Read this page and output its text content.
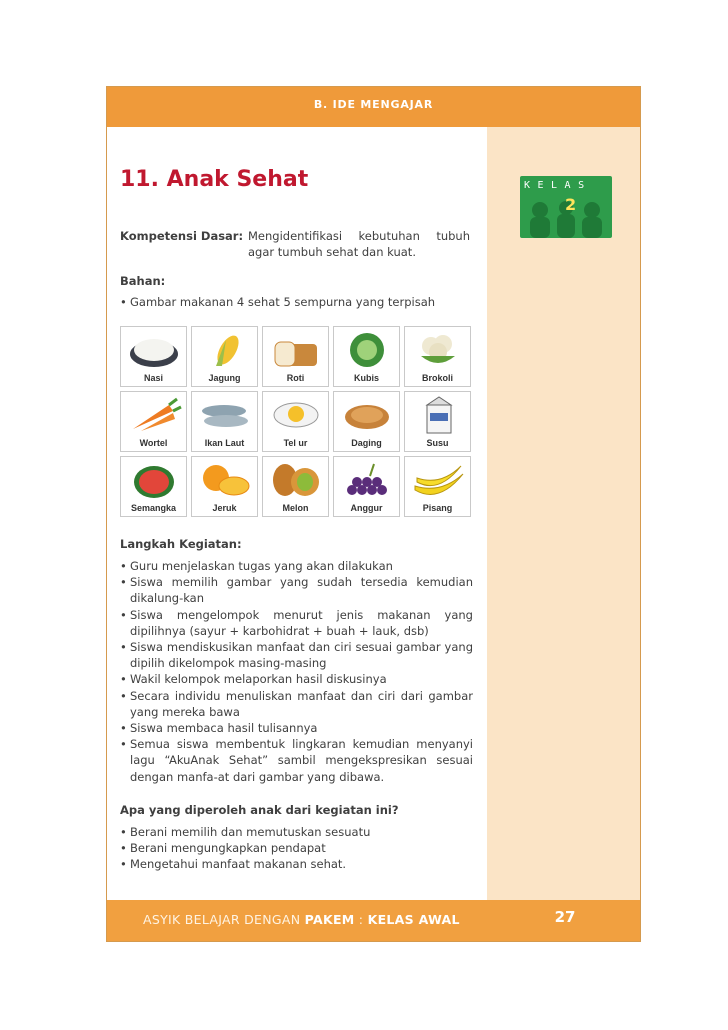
B. IDE MENGAJAR
KELAS
2
11. Anak Sehat
Kompetensi Dasar: Mengidentifikasi kebutuhan tubuh agar tumbuh sehat dan kuat.
Bahan:
• Gambar makanan 4 sehat 5 sempurna yang terpisah
Nasi	Jagung	Roti	Kubis	Brokoli
Wortel	Ikan Laut	Tel ur	Daging	Susu
Semangka	Jeruk	Melon	Anggur	Pisang
Langkah Kegiatan:
• Guru menjelaskan tugas yang akan dilakukan
• Siswa memilih gambar yang sudah tersedia kemudian dikalung-kan
• Siswa mengelompok menurut jenis makanan yang dipilihnya (sayur + karbohidrat + buah + lauk, dsb)
• Siswa mendiskusikan manfaat dan ciri sesuai gambar yang dipilih dikelompok masing-masing
• Wakil kelompok melaporkan hasil diskusinya
• Secara individu menuliskan manfaat dan ciri dari gambar yang mereka bawa
• Siswa membaca hasil tulisannya
• Semua siswa membentuk lingkaran kemudian menyanyi lagu “AkuAnak Sehat” sambil mengekspresikan sesuai dengan manfa-at dari gambar yang dibawa.
Apa yang diperoleh anak dari kegiatan ini?
• Berani memilih dan memutuskan sesuatu
• Berani mengungkapkan pendapat
• Mengetahui manfaat makanan sehat.
ASYIK BELAJAR DENGAN PAKEM : KELAS AWAL	27
